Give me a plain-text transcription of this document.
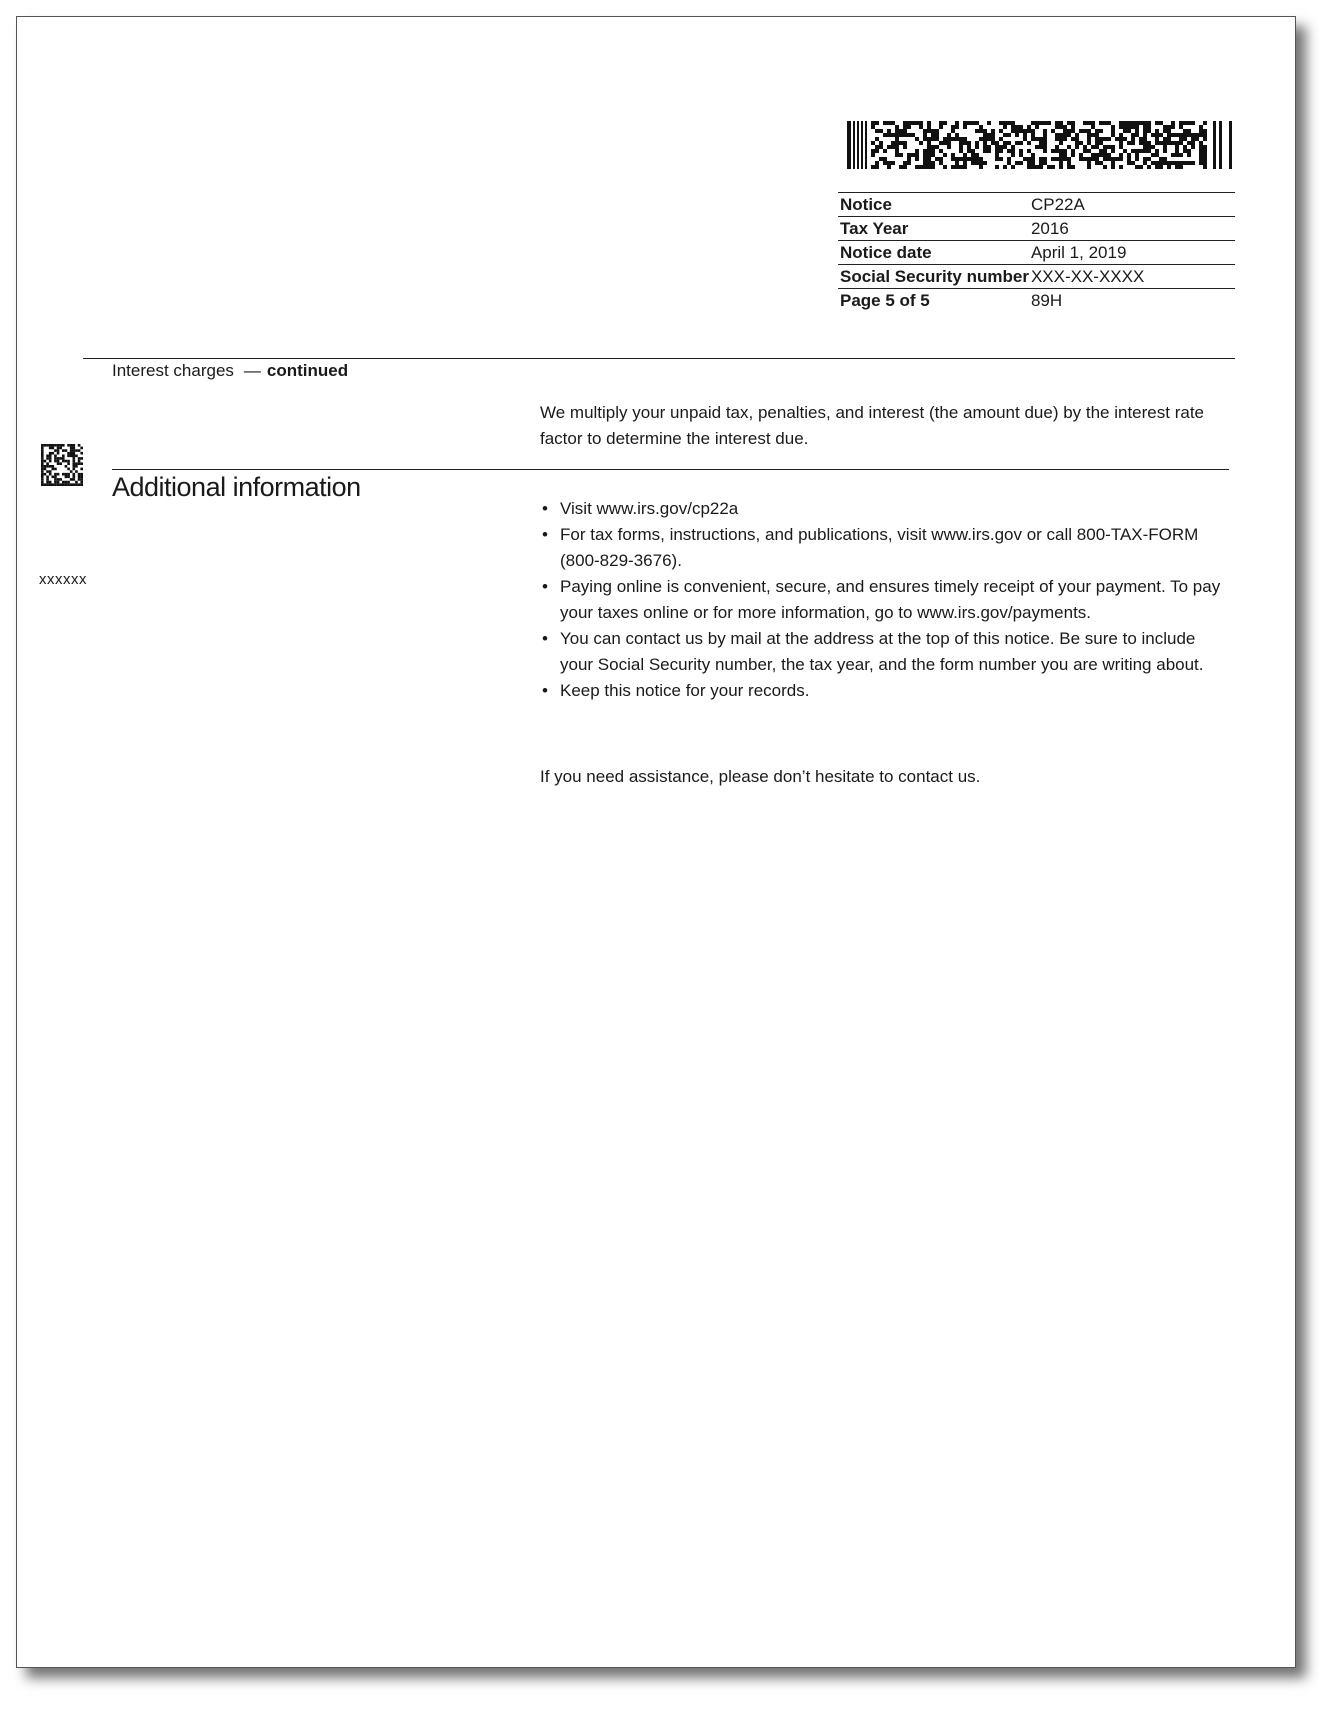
Notice	CP22A
Tax Year	2016
Notice date	April 1, 2019
Social Security number	XXX-XX-XXXX
Page 5 of 5	89H
Interest charges — continued
We multiply your unpaid tax, penalties, and interest (the amount due) by the interest rate factor to determine the interest due.
Additional information
xxxxxx
• Visit www.irs.gov/cp22a
• For tax forms, instructions, and publications, visit www.irs.gov or call 800-TAX-FORM (800-829-3676).
• Paying online is convenient, secure, and ensures timely receipt of your payment. To pay your taxes online or for more information, go to www.irs.gov/payments.
• You can contact us by mail at the address at the top of this notice. Be sure to include your Social Security number, the tax year, and the form number you are writing about.
• Keep this notice for your records.
If you need assistance, please don’t hesitate to contact us.
